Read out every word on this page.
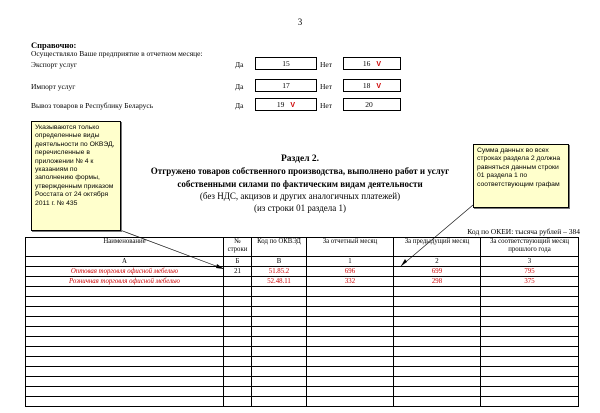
3
Справочно:
Осуществляло Ваше предприятие в отчетном месяце:
Экспорт услуг	Да	15	Нет	16 V
Импорт услуг	Да	17	Нет	18 V
Вывоз товаров в Республику Беларусь	Да	19 V	Нет	20
Указываются только определенные виды деятельности по ОКВЭД, перечисленные в приложении № 4 к указаниям по заполнению формы, утвержденным приказом Росстата от 24 октября 2011 г. № 435
Сумма данных во всех строках раздела 2 должна равняться данным строки 01 раздела 1 по соответствующим графам
Раздел 2.
Отгружено товаров собственного производства, выполнено работ и услуг
собственными силами по фактическим видам деятельности
(без НДС, акцизов и других аналогичных платежей)
(из строки 01 раздела 1)
Код по ОКЕИ: тысяча рублей – 384
Наименование	№ строки	Код по ОКВЭД	За отчетный месяц	За предыдущий месяц	За соответствующий месяц прошлого года
А	Б	В	1	2	3
Оптовая торговля офисной мебелью	21	51.85.2	696	699	795
Розничная торговля офисной мебелью		52.48.11	332	298	375
